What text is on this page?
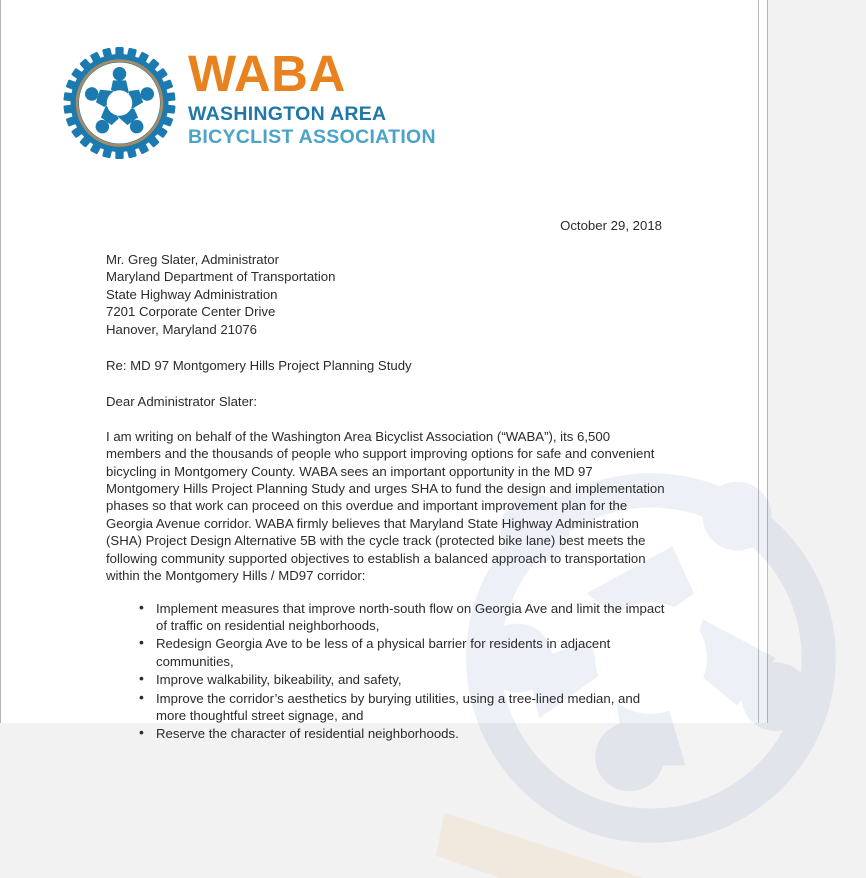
WABA
WASHINGTON AREA
BICYCLIST ASSOCIATION
October 29, 2018
Mr. Greg Slater, Administrator
Maryland Department of Transportation
State Highway Administration
7201 Corporate Center Drive
Hanover, Maryland 21076
Re: MD 97 Montgomery Hills Project Planning Study
Dear Administrator Slater:
I am writing on behalf of the Washington Area Bicyclist Association (“WABA”), its 6,500 members and the thousands of people who support improving options for safe and convenient bicycling in Montgomery County. WABA sees an important opportunity in the MD 97 Montgomery Hills Project Planning Study and urges SHA to fund the design and implementation phases so that work can proceed on this overdue and important improvement plan for the Georgia Avenue corridor. WABA firmly believes that Maryland State Highway Administration (SHA) Project Design Alternative 5B with the cycle track (protected bike lane) best meets the following community supported objectives to establish a balanced approach to transportation within the Montgomery Hills / MD97 corridor:
• Implement measures that improve north-south flow on Georgia Ave and limit the impact of traffic on residential neighborhoods,
• Redesign Georgia Ave to be less of a physical barrier for residents in adjacent communities,
• Improve walkability, bikeability, and safety,
• Improve the corridor’s aesthetics by burying utilities, using a tree-lined median, and more thoughtful street signage, and
• Reserve the character of residential neighborhoods.
